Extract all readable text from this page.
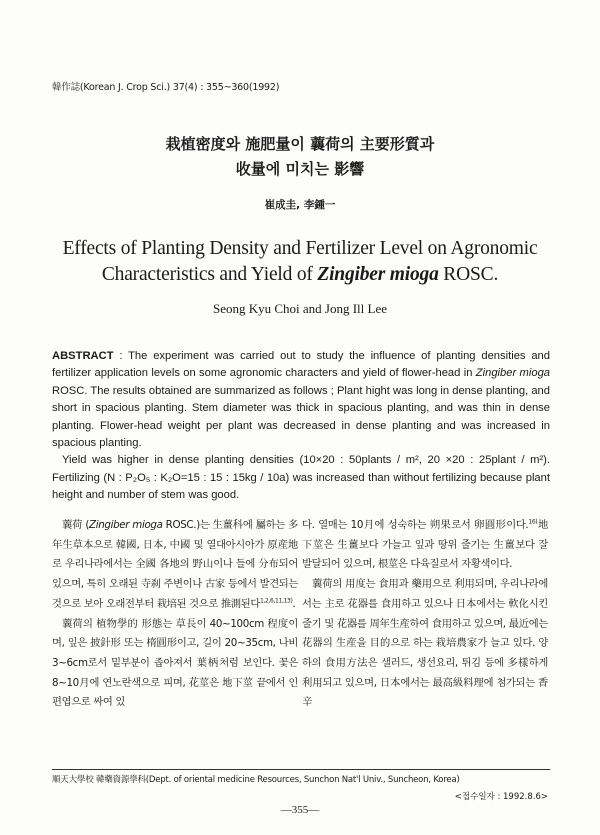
韓作誌(Korean J. Crop Sci.) 37(4) : 355~360(1992)
栽植密度와 施肥量이 蘘荷의 主要形質과
收量에 미치는 影響
崔成圭, 李鍾一
Effects of Planting Density and Fertilizer Level on Agronomic
Characteristics and Yield of Zingiber mioga ROSC.
Seong Kyu Choi and Jong Ill Lee

ABSTRACT : The experiment was carried out to study the influence of planting densities and fertilizer application levels on some agronomic characters and yield of flower-head in Zingiber mioga ROSC. The results obtained are summarized as follows ; Plant hight was long in dense planting, and short in spacious planting. Stem diameter was thick in spacious planting, and was thin in dense planting. Flower-head weight per plant was decreased in dense planting and was increased in spacious planting.

Yield was higher in dense planting densities (10×20 : 50plants / m², 20 ×20 : 25plant / m²). Fertilizing (N : P₂O₅ : K₂O=15 : 15 : 15kg / 10a) was increased than without fertilizing because plant height and number of stem was good.

蘘荷 (Zingiber mioga ROSC.)는 生薑科에 屬하는 多年生草本으로 韓國, 日本, 中國 및 열대아시아가 原産地로 우리나라에서는 全國 各地의 野山이나 들에 分布되어 있으며, 특히 오래된 寺刹 주변이나 古家 등에서 발견되는것으로 보아 오래전부터 栽培된 것으로 推測된다$^{1,2,6,11,13)}$.

蘘荷의 植物學的 形態는 草長이 40~100cm 程度이며, 잎은 披針形 또는 楕圓形이고, 길이 20~35cm, 나비 3~6cm로서 밑부분이 좁아져서 葉柄처럼 보인다. 꽃은 8~10月에 연노란색으로 피며, 花莖은 地下莖 끝에서 인편엽으로 싸여 있

다. 열매는 10月에 성숙하는 朔果로서 卵圓形이다.$^{16)}$地下莖은 生薑보다 가늘고 잎과 땅위 줄기는 生薑보다 잘 발달되어 있으며, 根莖은 다육질로서 자황색이다.

蘘荷의 用度는 食用과 藥用으로 利用되며, 우리나라에서는 主로 花器를 食用하고 있으나 日本에서는 軟化시킨 줄기 및 花器를 周年生産하여 食用하고 있으며, 最近에는 花器의 生産을 目的으로 하는 栽培農家가 늘고 있다. 양하의 食用方法은 샐러드, 생선요리, 튀김 등에 多樣하게 利用되고 있으며, 日本에서는 最高級料理에 첨가되는 香辛

順天大學校 韓藥資源學科(Dept. of oriental medicine Resources, Sunchon Nat'l Univ., Suncheon, Korea)
<접수일자 : 1992.8.6>
—355—
